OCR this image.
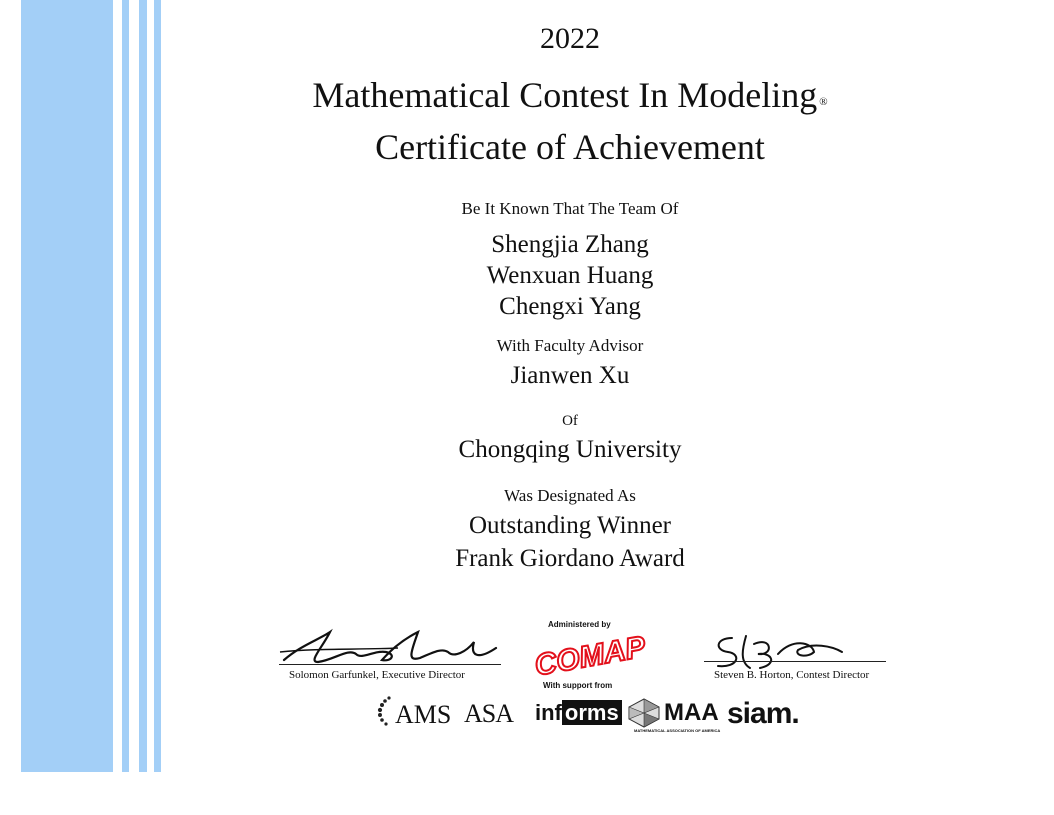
2022
Mathematical Contest In Modeling ®
Certificate of Achievement
Be It Known That The Team Of
Shengjia Zhang
Wenxuan Huang
Chengxi Yang
With Faculty Advisor
Jianwen Xu
Of
Chongqing University
Was Designated As
Outstanding Winner
Frank Giordano Award
Solomon Garfunkel, Executive Director
Administered by
COMAP
With support from
Steven B. Horton, Contest Director
AMS ASA inf orms MAA
MATHEMATICAL ASSOCIATION OF AMERICA
siam.
